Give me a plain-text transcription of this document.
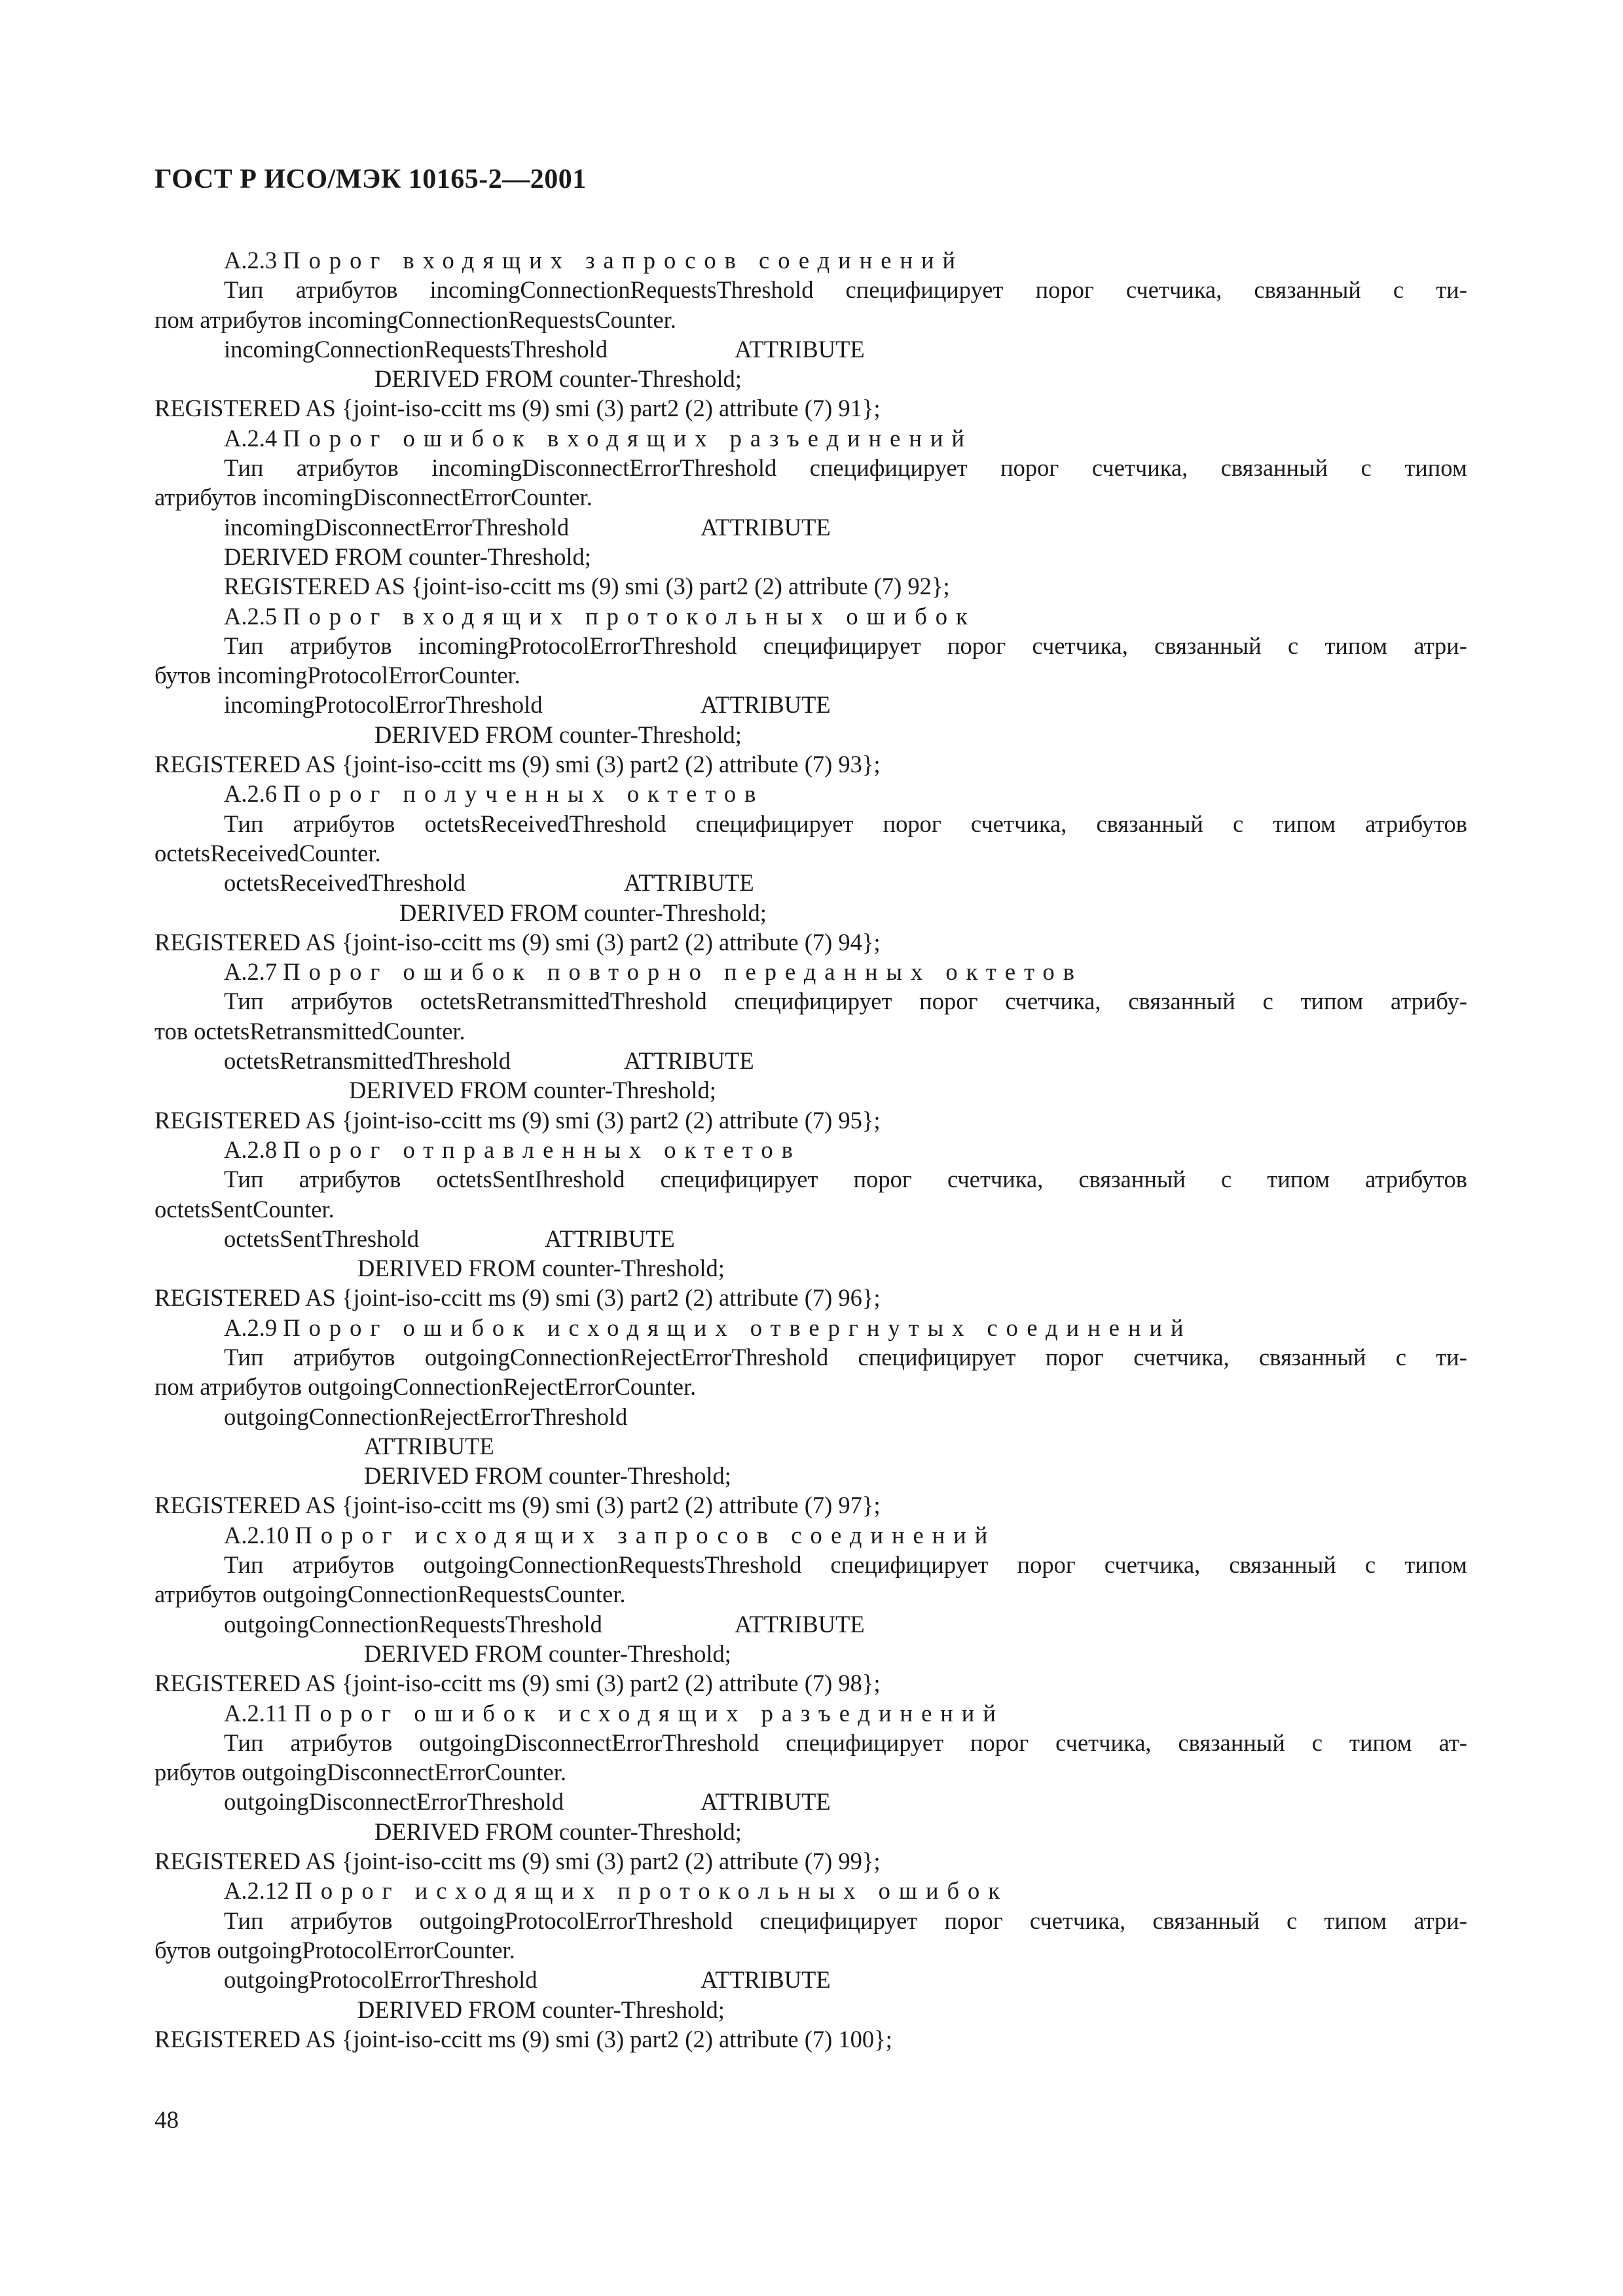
ГОСТ Р ИСО/МЭК 10165-2—2001
А.2.3 Порог входящих запросов соединений
Тип атрибутов incomingConnectionRequestsThreshold специфицирует порог счетчика, связанный с ти-
пом атрибутов incomingConnectionRequestsCounter.
incomingConnectionRequestsThreshold	ATTRIBUTE
DERIVED FROM counter-Threshold;
REGISTERED AS {joint-iso-ccitt ms (9) smi (3) part2 (2) attribute (7) 91};
А.2.4 Порог ошибок входящих разъединений
Тип атрибутов incomingDisconnectErrorThreshold специфицирует порог счетчика, связанный с типом
атрибутов incomingDisconnectErrorCounter.
incomingDisconnectErrorThreshold	ATTRIBUTE
DERIVED FROM counter-Threshold;
REGISTERED AS {joint-iso-ccitt ms (9) smi (3) part2 (2) attribute (7) 92};
А.2.5 Порог входящих протокольных ошибок
Тип атрибутов incomingProtocolErrorThreshold специфицирует порог счетчика, связанный с типом атри-
бутов incomingProtocolErrorCounter.
incomingProtocolErrorThreshold	ATTRIBUTE
DERIVED FROM counter-Threshold;
REGISTERED AS {joint-iso-ccitt ms (9) smi (3) part2 (2) attribute (7) 93};
А.2.6 Порог полученных октетов
Тип атрибутов octetsReceivedThreshold специфицирует порог счетчика, связанный с типом атрибутов
octetsReceivedCounter.
octetsReceivedThreshold	ATTRIBUTE
DERIVED FROM counter-Threshold;
REGISTERED AS {joint-iso-ccitt ms (9) smi (3) part2 (2) attribute (7) 94};
А.2.7 Порог ошибок повторно переданных октетов
Тип атрибутов octetsRetransmittedThreshold специфицирует порог счетчика, связанный с типом атрибу-
тов octetsRetransmittedCounter.
octetsRetransmittedThreshold	ATTRIBUTE
DERIVED FROM counter-Threshold;
REGISTERED AS {joint-iso-ccitt ms (9) smi (3) part2 (2) attribute (7) 95};
А.2.8 Порог отправленных октетов
Тип атрибутов octetsSentIhreshold специфицирует порог счетчика, связанный с типом атрибутов
octetsSentCounter.
octetsSentThreshold	ATTRIBUTE
DERIVED FROM counter-Threshold;
REGISTERED AS {joint-iso-ccitt ms (9) smi (3) part2 (2) attribute (7) 96};
А.2.9 Порог ошибок исходящих отвергнутых соединений
Тип атрибутов outgoingConnectionRejectErrorThreshold специфицирует порог счетчика, связанный с ти-
пом атрибутов outgoingConnectionRejectErrorCounter.
outgoingConnectionRejectErrorThreshold
ATTRIBUTE
DERIVED FROM counter-Threshold;
REGISTERED AS {joint-iso-ccitt ms (9) smi (3) part2 (2) attribute (7) 97};
А.2.10 Порог исходящих запросов соединений
Тип атрибутов outgoingConnectionRequestsThreshold специфицирует порог счетчика, связанный с типом
атрибутов outgoingConnectionRequestsCounter.
outgoingConnectionRequestsThreshold	ATTRIBUTE
DERIVED FROM counter-Threshold;
REGISTERED AS {joint-iso-ccitt ms (9) smi (3) part2 (2) attribute (7) 98};
А.2.11 Порог ошибок исходящих разъединений
Тип атрибутов outgoingDisconnectErrorThreshold специфицирует порог счетчика, связанный с типом ат-
рибутов outgoingDisconnectErrorCounter.
outgoingDisconnectErrorThreshold	ATTRIBUTE
DERIVED FROM counter-Threshold;
REGISTERED AS {joint-iso-ccitt ms (9) smi (3) part2 (2) attribute (7) 99};
А.2.12 Порог исходящих протокольных ошибок
Тип атрибутов outgoingProtocolErrorThreshold специфицирует порог счетчика, связанный с типом атри-
бутов outgoingProtocolErrorCounter.
outgoingProtocolErrorThreshold	ATTRIBUTE
DERIVED FROM counter-Threshold;
REGISTERED AS {joint-iso-ccitt ms (9) smi (3) part2 (2) attribute (7) 100};
48
